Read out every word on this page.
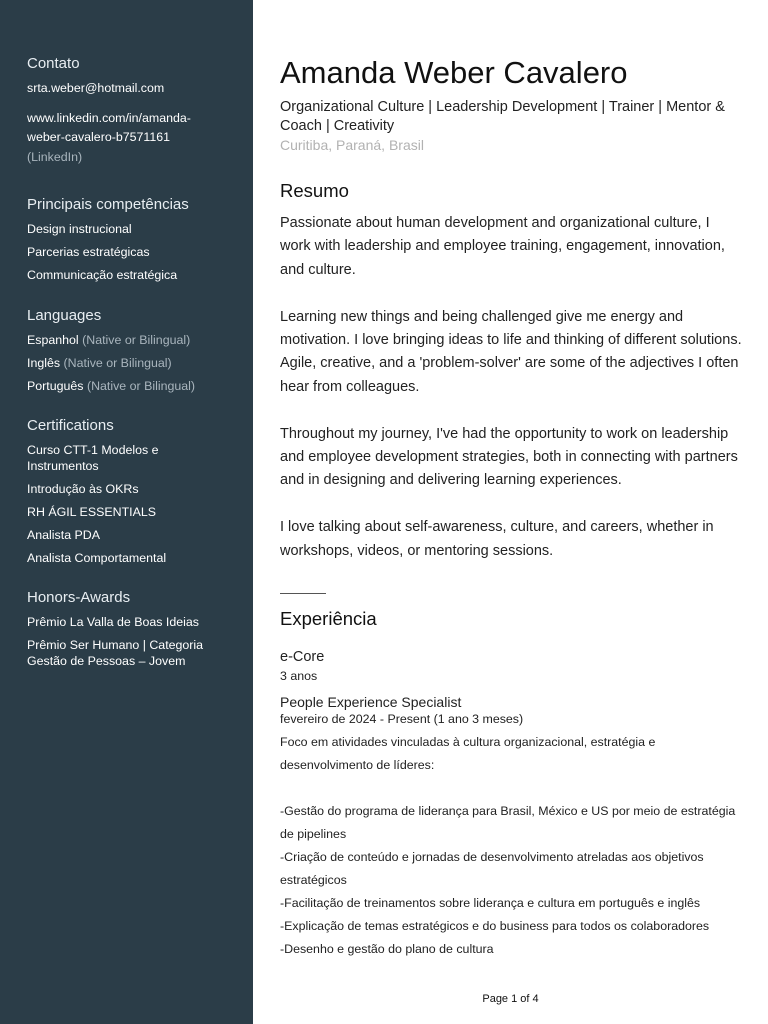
Contato
srta.weber@hotmail.com
www.linkedin.com/in/amanda-
weber-cavalero-b7571161
(LinkedIn)
Principais competências
Design instrucional
Parcerias estratégicas
Communicação estratégica
Languages
Espanhol (Native or Bilingual)
Inglês (Native or Bilingual)
Português (Native or Bilingual)
Certifications
Curso CTT-1 Modelos e Instrumentos
Introdução às OKRs
RH ÁGIL ESSENTIALS
Analista PDA
Analista Comportamental
Honors-Awards
Prêmio La Valla de Boas Ideias
Prêmio Ser Humano | Categoria Gestão de Pessoas – Jovem
Amanda Weber Cavalero
Organizational Culture | Leadership Development | Trainer | Mentor & Coach | Creativity
Curitiba, Paraná, Brasil
Resumo

Passionate about human development and organizational culture, I work with leadership and employee training, engagement, innovation, and culture.

Learning new things and being challenged give me energy and motivation. I love bringing ideas to life and thinking of different solutions. Agile, creative, and a 'problem-solver' are some of the adjectives I often hear from colleagues.

Throughout my journey, I've had the opportunity to work on leadership and employee development strategies, both in connecting with partners and in designing and delivering learning experiences.

I love talking about self-awareness, culture, and careers, whether in workshops, videos, or mentoring sessions.

Experiência
e-Core
3 anos
People Experience Specialist
fevereiro de 2024 - Present (1 ano 3 meses)
Foco em atividades vinculadas à cultura organizacional, estratégia e desenvolvimento de líderes:
-Gestão do programa de liderança para Brasil, México e US por meio de estratégia de pipelines
-Criação de conteúdo e jornadas de desenvolvimento atreladas aos objetivos estratégicos
-Facilitação de treinamentos sobre liderança e cultura em português e inglês
-Explicação de temas estratégicos e do business para todos os colaboradores
-Desenho e gestão do plano de cultura
Page 1 of 4
